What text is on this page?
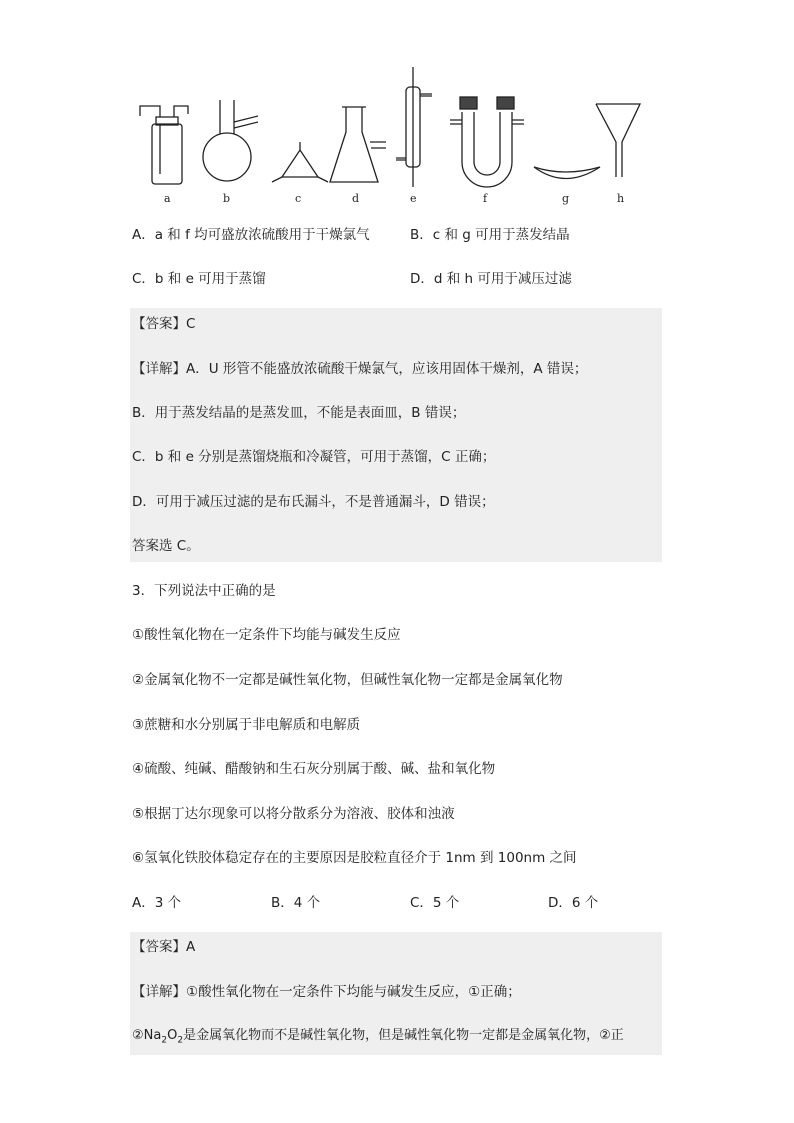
a	b	c	d	e	f	g	h
A．a 和 f 均可盛放浓硫酸用于干燥氯气	B．c 和 g 可用于蒸发结晶
C．b 和 e 可用于蒸馏	D．d 和 h 可用于减压过滤
【答案】C
【详解】A．U 形管不能盛放浓硫酸干燥氯气，应该用固体干燥剂，A 错误；
B．用于蒸发结晶的是蒸发皿，不能是表面皿，B 错误；
C．b 和 e 分别是蒸馏烧瓶和冷凝管，可用于蒸馏，C 正确；
D．可用于减压过滤的是布氏漏斗，不是普通漏斗，D 错误；
答案选 C。
3．下列说法中正确的是
①酸性氧化物在一定条件下均能与碱发生反应
②金属氧化物不一定都是碱性氧化物，但碱性氧化物一定都是金属氧化物
③蔗糖和水分别属于非电解质和电解质
④硫酸、纯碱、醋酸钠和生石灰分别属于酸、碱、盐和氧化物
⑤根据丁达尔现象可以将分散系分为溶液、胶体和浊液
⑥氢氧化铁胶体稳定存在的主要原因是胶粒直径介于 1nm 到 100nm 之间
A．3 个	B．4 个	C．5 个	D．6 个
【答案】A
【详解】①酸性氧化物在一定条件下均能与碱发生反应，①正确；
$②Na_2O_2$是金属氧化物而不是碱性氧化物，但是碱性氧化物一定都是金属氧化物，②正
